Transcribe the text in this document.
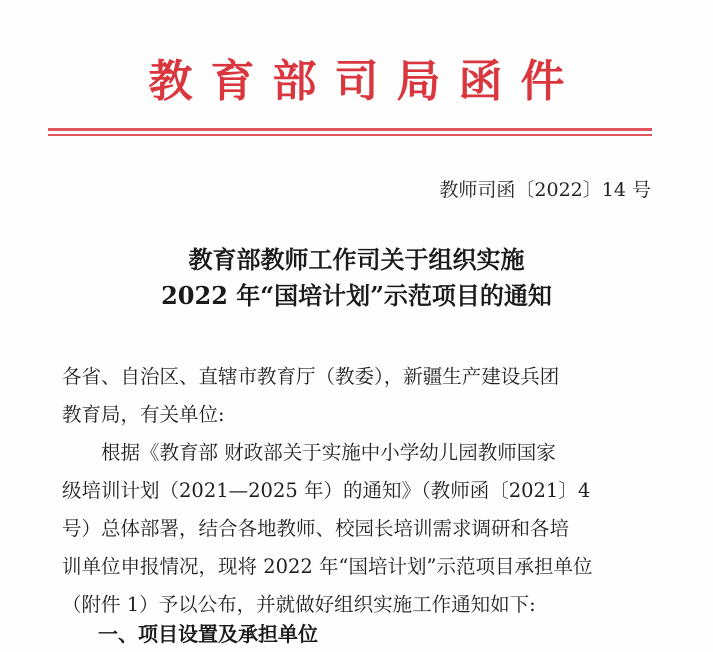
教育部司局函件
教师司函〔2022〕14 号
教育部教师工作司关于组织实施
2022 年“国培计划”示范项目的通知
各省、自治区、直辖市教育厅（教委），新疆生产建设兵团
教育局，有关单位:
根据《教育部 财政部关于实施中小学幼儿园教师国家
级培训计划（2021—2025 年）的通知》（教师函〔2021〕4
号）总体部署，结合各地教师、校园长培训需求调研和各培
训单位申报情况，现将 2022 年“国培计划”示范项目承担单位
（附件 1）予以公布，并就做好组织实施工作通知如下:
一、项目设置及承担单位
